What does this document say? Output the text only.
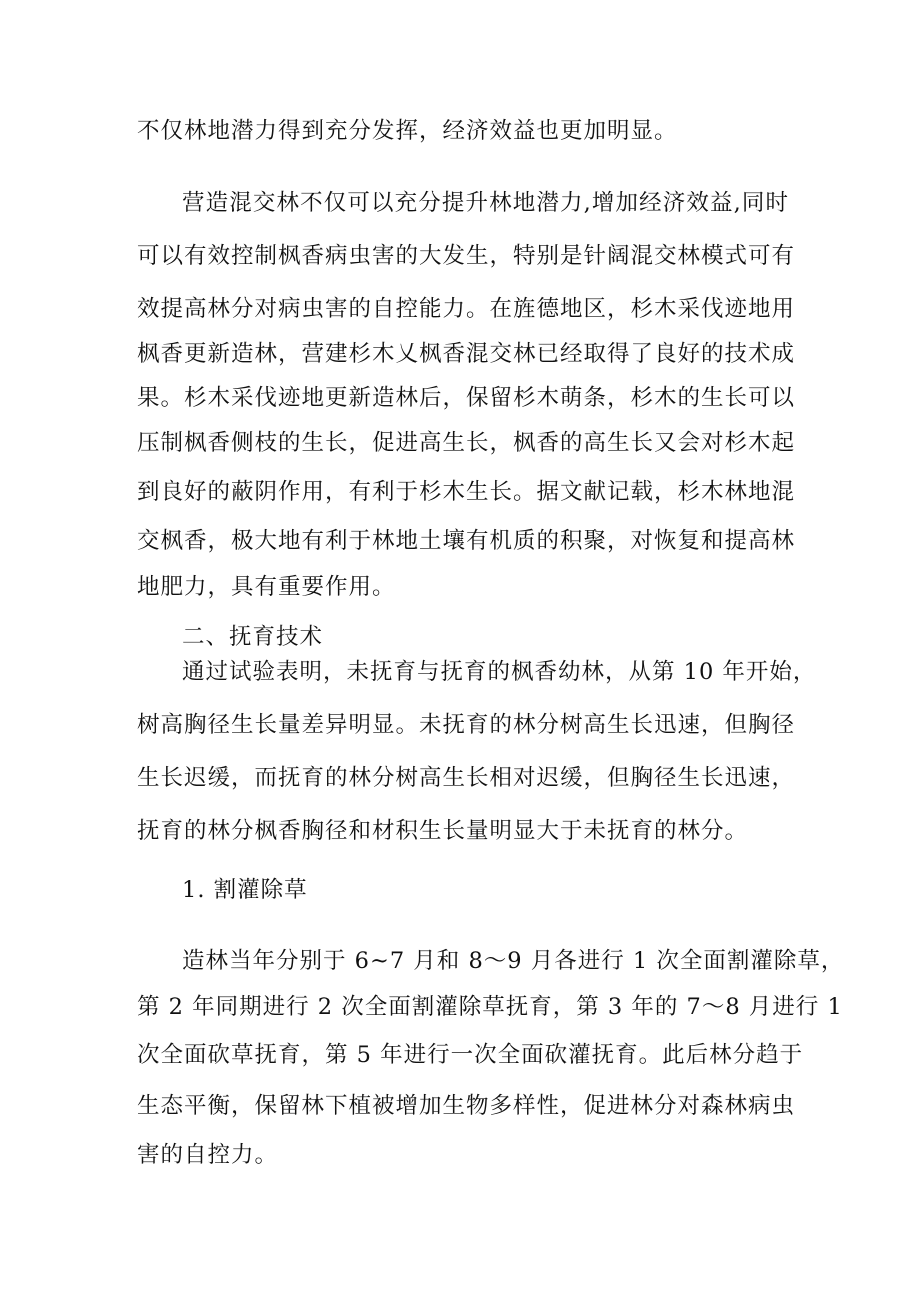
不仅林地潜力得到充分发挥，经济效益也更加明显。
营造混交林不仅可以充分提升林地潜力,增加经济效益,同时
可以有效控制枫香病虫害的大发生，特别是针阔混交林模式可有
效提高林分对病虫害的自控能力。在旌德地区，杉木采伐迹地用
枫香更新造林，营建杉木乂枫香混交林已经取得了良好的技术成
果。杉木采伐迹地更新造林后，保留杉木萌条，杉木的生长可以
压制枫香侧枝的生长，促进高生长，枫香的高生长又会对杉木起
到良好的蔽阴作用，有利于杉木生长。据文献记载，杉木林地混
交枫香，极大地有利于林地土壤有机质的积聚，对恢复和提高林
地肥力，具有重要作用。
二、抚育技术
通过试验表明，未抚育与抚育的枫香幼林，从第 10 年开始，
树高胸径生长量差异明显。未抚育的林分树高生长迅速，但胸径
生长迟缓，而抚育的林分树高生长相对迟缓，但胸径生长迅速，
抚育的林分枫香胸径和材积生长量明显大于未抚育的林分。
1. 割灌除草
造林当年分别于 6~7 月和 8～9 月各进行 1 次全面割灌除草，
第 2 年同期进行 2 次全面割灌除草抚育，第 3 年的 7～8 月进行 1
次全面砍草抚育，第 5 年进行一次全面砍灌抚育。此后林分趋于
生态平衡，保留林下植被增加生物多样性，促进林分对森林病虫
害的自控力。
